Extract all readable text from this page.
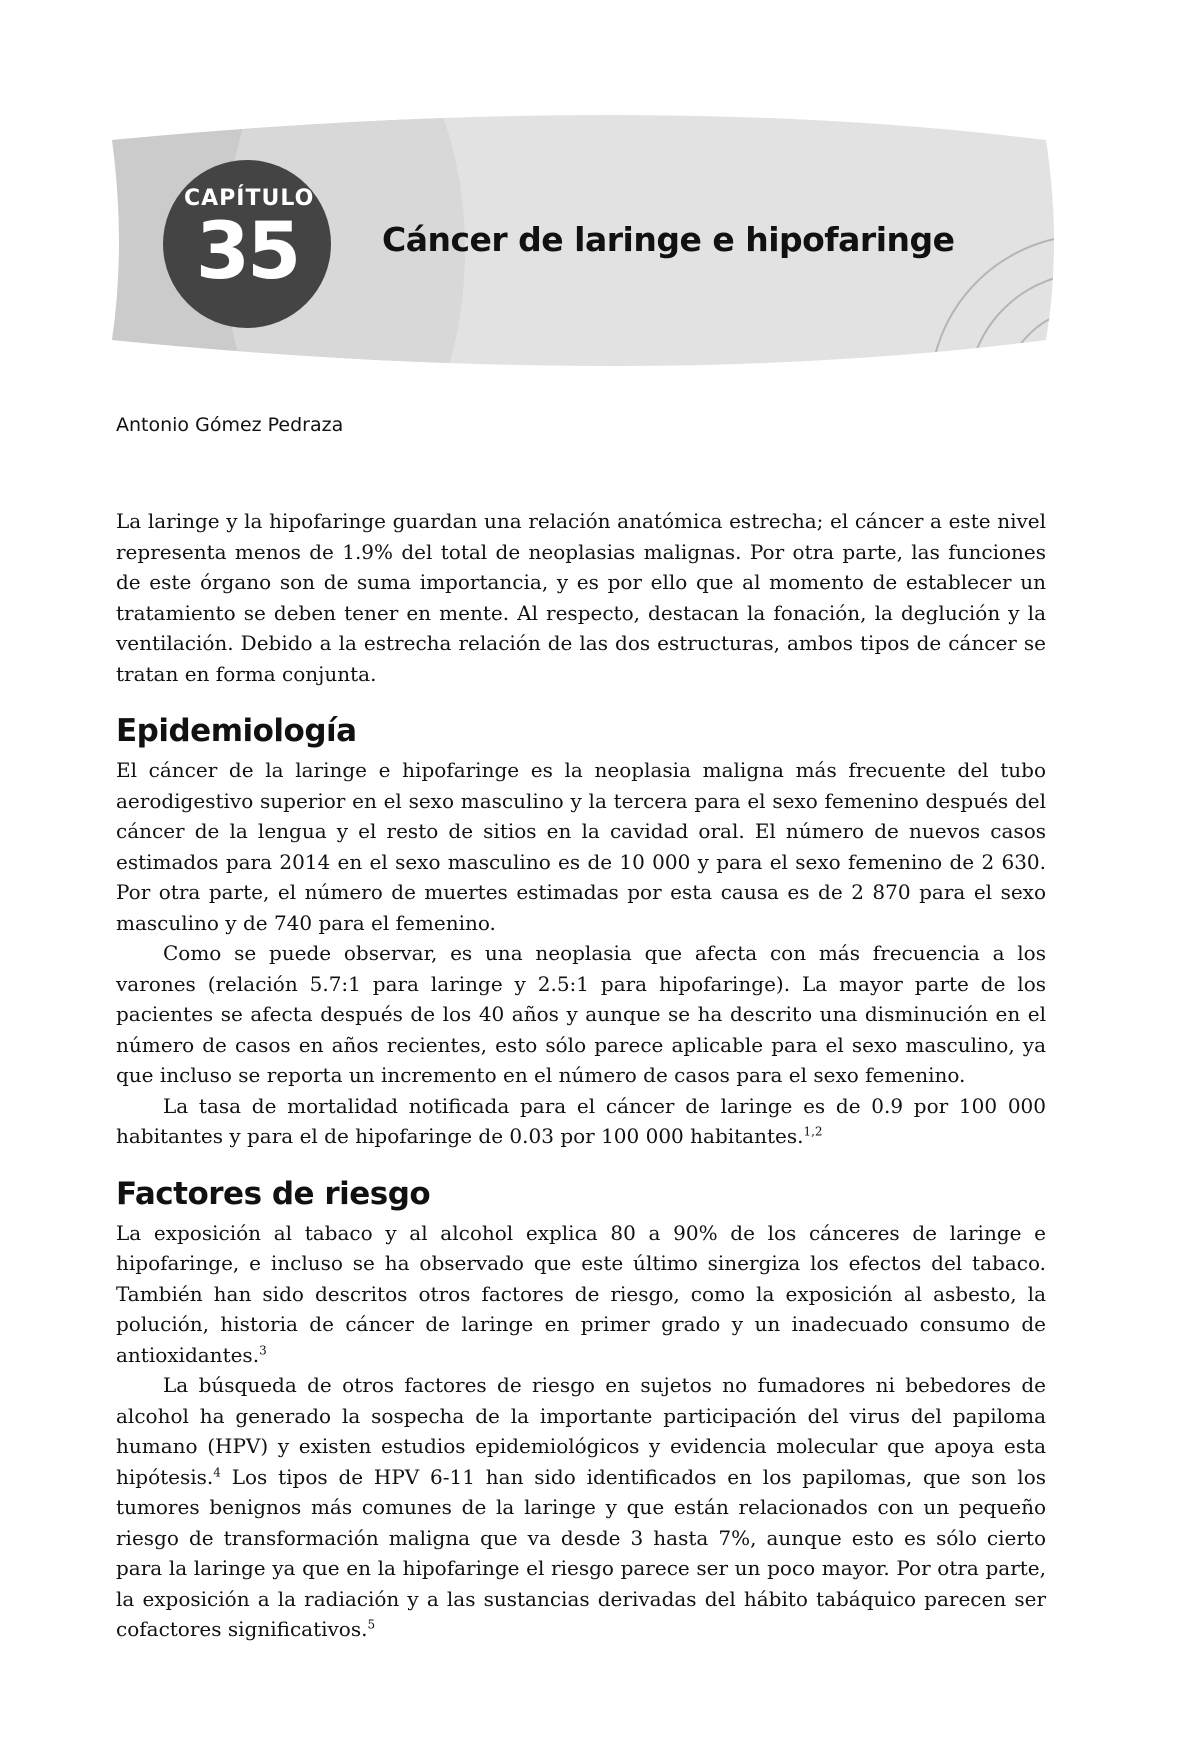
CAPÍTULO
35	Cáncer de laringe e hipofaringe
Antonio Gómez Pedraza

La laringe y la hipofaringe guardan una relación anatómica estrecha; el cáncer a este nivel representa menos de 1.9% del total de neoplasias malignas. Por otra parte, las funciones de este órgano son de suma importancia, y es por ello que al momento de establecer un tratamiento se deben tener en mente. Al respecto, destacan la fonación, la deglución y la ventilación. Debido a la estrecha relación de las dos estructuras, ambos tipos de cáncer se tratan en forma conjunta.

Epidemiología

El cáncer de la laringe e hipofaringe es la neoplasia maligna más frecuente del tubo aerodigestivo superior en el sexo masculino y la tercera para el sexo femenino después del cáncer de la lengua y el resto de sitios en la cavidad oral. El número de nuevos casos estimados para 2014 en el sexo masculino es de 10 000 y para el sexo femenino de 2 630. Por otra parte, el número de muertes estimadas por esta causa es de 2 870 para el sexo masculino y de 740 para el femenino.

Como se puede observar, es una neoplasia que afecta con más frecuencia a los varones (relación 5.7:1 para laringe y 2.5:1 para hipofaringe). La mayor parte de los pacientes se afecta después de los 40 años y aunque se ha descrito una disminución en el número de casos en años recientes, esto sólo parece aplicable para el sexo masculino, ya que incluso se reporta un incremento en el número de casos para el sexo femenino.

La tasa de mortalidad notificada para el cáncer de laringe es de 0.9 por 100 000 habitantes y para el de hipofaringe de 0.03 por 100 000 habitantes.$^{1,2}$

Factores de riesgo

La exposición al tabaco y al alcohol explica 80 a 90% de los cánceres de laringe e hipofaringe, e incluso se ha observado que este último sinergiza los efectos del tabaco. También han sido descritos otros factores de riesgo, como la exposición al asbesto, la polución, historia de cáncer de laringe en primer grado y un inadecuado consumo de antioxidantes.$^3$

La búsqueda de otros factores de riesgo en sujetos no fumadores ni bebedores de alcohol ha generado la sospecha de la importante participación del virus del papiloma humano (HPV) y existen estudios epidemiológicos y evidencia molecular que apoya esta hipótesis.$^4$ Los tipos de HPV 6-11 han sido identificados en los papilomas, que son los tumores benignos más comunes de la laringe y que están relacionados con un pequeño riesgo de transformación maligna que va desde 3 hasta 7%, aunque esto es sólo cierto para la laringe ya que en la hipofaringe el riesgo parece ser un poco mayor. Por otra parte, la exposición a la radiación y a las sustancias derivadas del hábito tabáquico parecen ser cofactores significativos.$^5$
